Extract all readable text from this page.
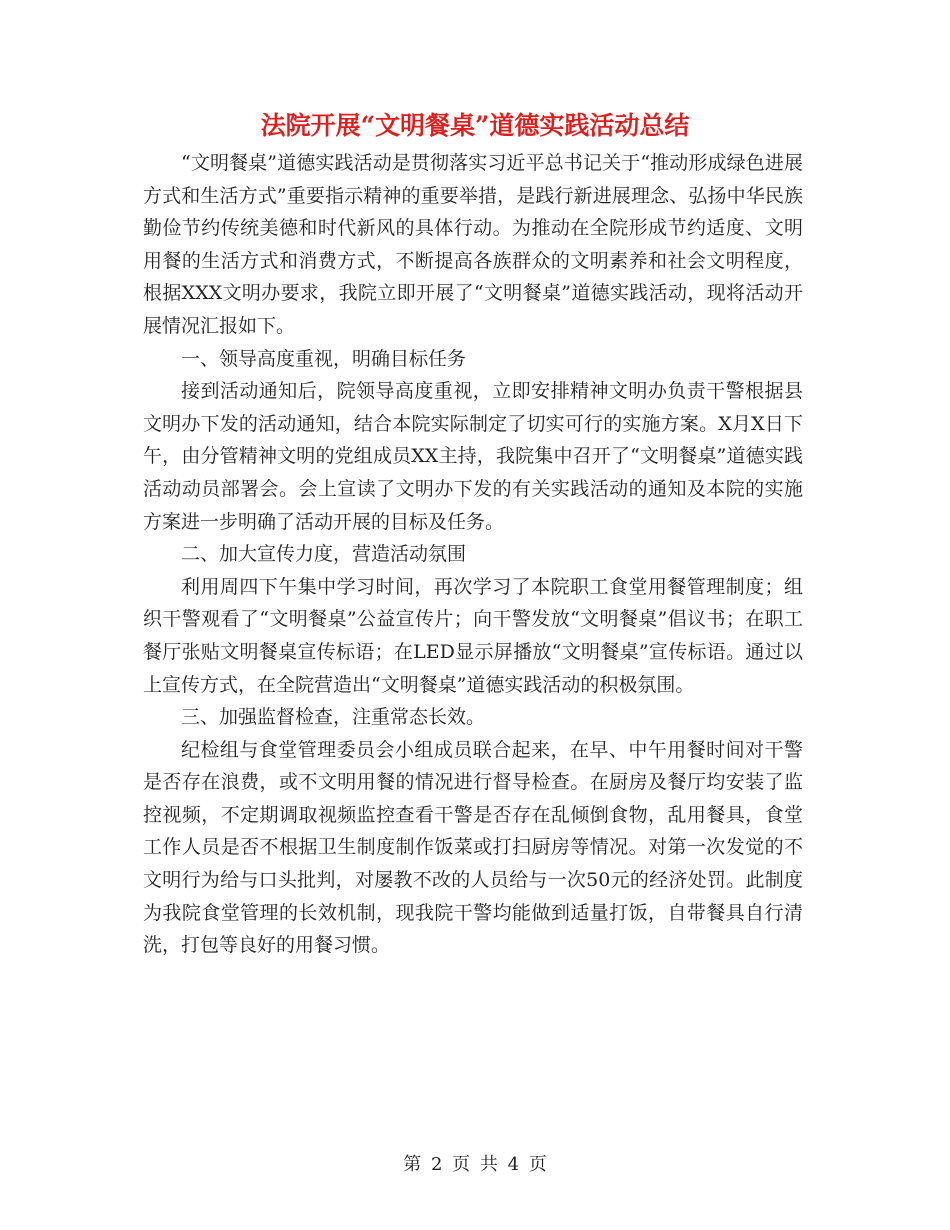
法院开展“文明餐桌”道德实践活动总结

“文明餐桌”道德实践活动是贯彻落实习近平总书记关于“推动形成绿色进展方式和生活方式”重要指示精神的重要举措，是践行新进展理念、弘扬中华民族勤俭节约传统美德和时代新风的具体行动。为推动在全院形成节约适度、文明用餐的生活方式和消费方式，不断提高各族群众的文明素养和社会文明程度，根据XXX文明办要求，我院立即开展了“文明餐桌”道德实践活动，现将活动开展情况汇报如下。

一、领导高度重视，明确目标任务

接到活动通知后，院领导高度重视，立即安排精神文明办负责干警根据县文明办下发的活动通知，结合本院实际制定了切实可行的实施方案。X月X日下午，由分管精神文明的党组成员XX主持，我院集中召开了“文明餐桌”道德实践活动动员部署会。会上宣读了文明办下发的有关实践活动的通知及本院的实施方案进一步明确了活动开展的目标及任务。

二、加大宣传力度，营造活动氛围

利用周四下午集中学习时间，再次学习了本院职工食堂用餐管理制度；组织干警观看了“文明餐桌”公益宣传片；向干警发放“文明餐桌”倡议书；在职工餐厅张贴文明餐桌宣传标语；在LED显示屏播放“文明餐桌”宣传标语。通过以上宣传方式，在全院营造出“文明餐桌”道德实践活动的积极氛围。

三、加强监督检查，注重常态长效。

纪检组与食堂管理委员会小组成员联合起来，在早、中午用餐时间对干警是否存在浪费，或不文明用餐的情况进行督导检查。在厨房及餐厅均安装了监控视频，不定期调取视频监控查看干警是否存在乱倾倒食物，乱用餐具，食堂工作人员是否不根据卫生制度制作饭菜或打扫厨房等情况。对第一次发觉的不文明行为给与口头批判，对屡教不改的人员给与一次50元的经济处罚。此制度为我院食堂管理的长效机制，现我院干警均能做到适量打饭，自带餐具自行清洗，打包等良好的用餐习惯。

第 2 页 共 4 页
